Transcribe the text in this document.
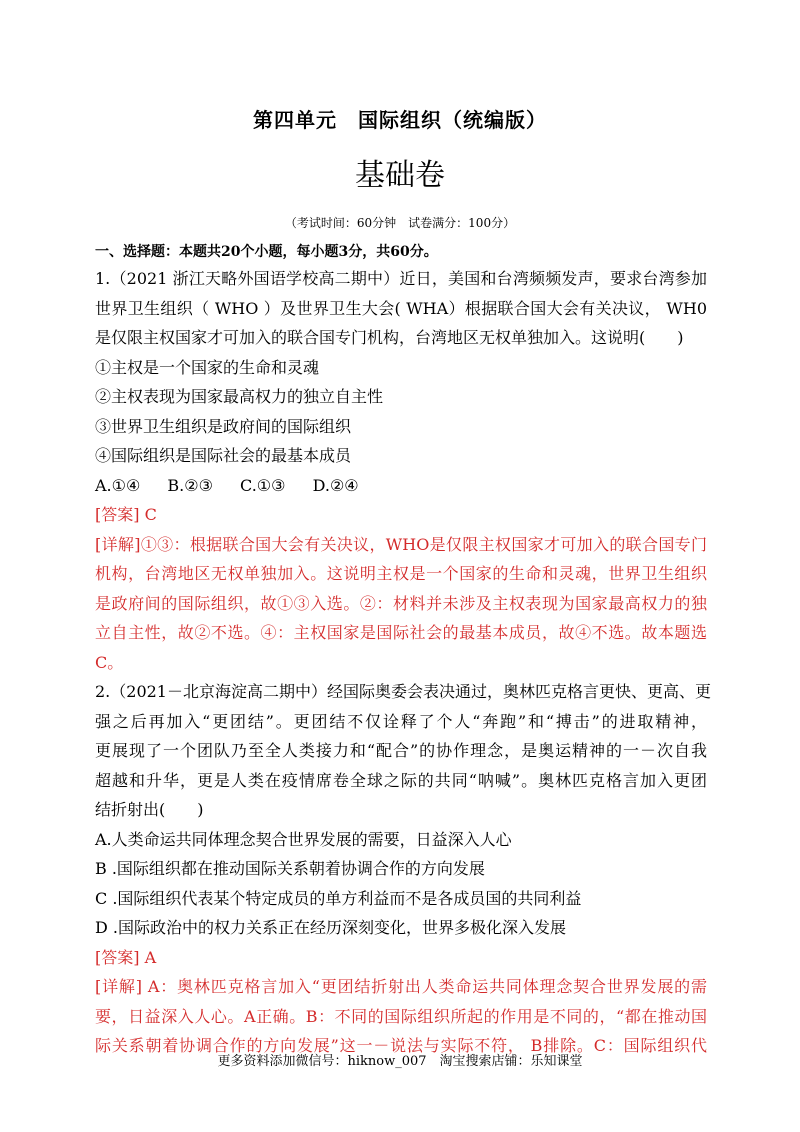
第四单元　国际组织（统编版）
基础卷
（考试时间：60分钟　试卷满分：100分）
一、选择题：本题共20个小题，每小题3分，共60分。
1.（2021 浙江天略外国语学校高二期中）近日，美国和台湾频频发声，要求台湾参加
世界卫生组织（ WHO ）及世界卫生大会( WHA）根据联合国大会有关决议， WH0
是仅限主权国家才可加入的联合国专门机构，台湾地区无权单独加入。这说明(　　)
①主权是一个国家的生命和灵魂
②主权表现为国家最高权力的独立自主性
③世界卫生组织是政府间的国际组织
④国际组织是国际社会的最基本成员
A.①④ B.②③ C.①③ D.②④
[答案] C
[详解]①③：根据联合国大会有关决议，WHO是仅限主权国家才可加入的联合国专门
机构，台湾地区无权单独加入。这说明主权是一个国家的生命和灵魂，世界卫生组织
是政府间的国际组织，故①③入选。②：材料并未涉及主权表现为国家最高权力的独
立自主性，故②不选。④：主权国家是国际社会的最基本成员，故④不选。故本题选
C。
2.（2021－北京海淀高二期中）经国际奥委会表决通过，奥林匹克格言更快、更高、更
强之后再加入“更团结”。更团结不仅诠释了个人“奔跑”和“搏击”的进取精神，
更展现了一个团队乃至全人类接力和“配合”的协作理念，是奥运精神的一－次自我
超越和升华，更是人类在疫情席卷全球之际的共同“呐喊”。奥林匹克格言加入更团
结折射出(　　)
A.人类命运共同体理念契合世界发展的需要，日益深入人心
B .国际组织都在推动国际关系朝着协调合作的方向发展
C .国际组织代表某个特定成员的单方利益而不是各成员国的共同利益
D .国际政治中的权力关系正在经历深刻变化，世界多极化深入发展
[答案] A
[详解] A：奥林匹克格言加入“更团结折射出人类命运共同体理念契合世界发展的需
要，日益深入人心。A正确。B：不同的国际组织所起的作用是不同的，“都在推动国
际关系朝着协调合作的方向发展”这一－说法与实际不符， B排除。C：国际组织代
更多资料添加微信号：hiknow_007　淘宝搜索店铺：乐知课堂
